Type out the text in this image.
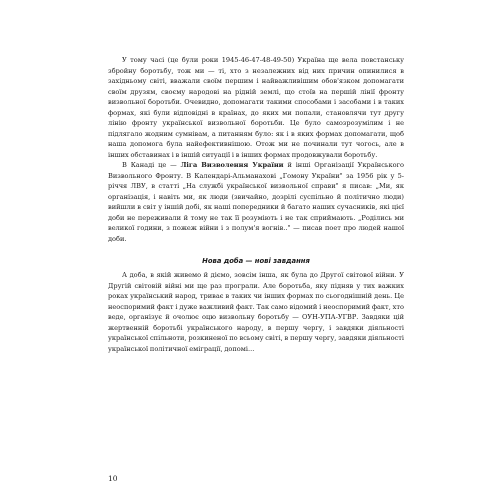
У тому часі (це були роки 1945-46-47-48-49-50) Україна ще вела повстанську збройну боротьбу, тож ми — ті, хто з незалежних від них причин опинилися в західньому світі, вважали своїм першим і найважливішим обов'язком допомагати своїм друзям, своєму народові на рідній землі, що стоїв на першій лінії фронту визвольної боротьби. Очевидно, допомагати такими способами і засобами і в таких формах, які були відповідні в країнах, до яких ми попали, становлячи тут другу лінію фронту української визвольної боротьби. Це було самозрозумілим і не підлягало жодним сумнівам, а питанням було: як і в яких формах допомагати, щоб наша допомога була найефективнішою. Отож ми не починали тут чогось, але в інших обставинах і в іншій ситуації і в інших формах продовжували боротьбу.

В Канаді це — Ліга Визволення України й інші Організації Українського Визвольного Фронту. В Календарі-Альманахові „Гомону України" за 1956 рік у 5-річчя ЛВУ, в статті „На службі української визвольної справи" я писав: „Ми, як організація, і навіть ми, як люди (звичайно, дозрілі суспільно й політично люди) вийшли в світ у іншій добі, як наші попередники й багато наших сучасників, які цієї доби не переживали й тому не так її розуміють і не так сприймають. „Роділись ми великої години, з пожеж війни і з полум'я вогнів.." — писав поет про людей нашої доби.

Нова доба — нові завдання

А доба, в якій живемо й діємо, зовсім інша, як була до Другої світової війни. У Другій світовій війні ми ще раз програли. Але боротьба, яку підняв у тих важких роках український народ, триває в таких чи інших формах по сьогоднішній день. Це неоспоримий факт і дуже важливий факт. Так само відомий і неоспоримий факт, хто веде, організує й очолює оцю визвольну боротьбу — ОУН-УПА-УГВР. Завдяки цій жертвенній боротьбі українського народу, в першу чергу, і завдяки діяльності української спільноти, розкиненої по всьому світі, в першу чергу, завдяки діяльності української політичної еміграції, допомі...

10
